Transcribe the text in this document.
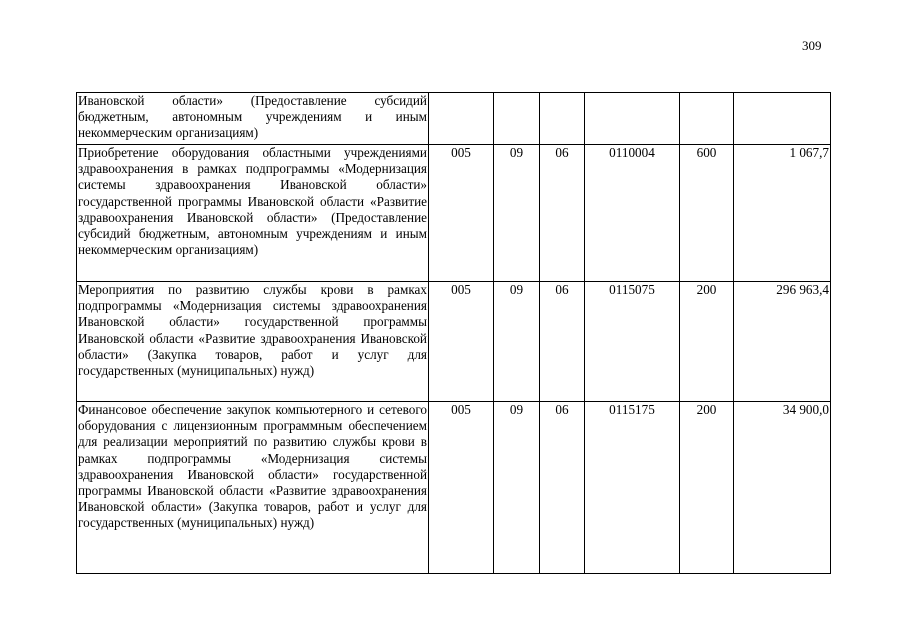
309
Ивановской области» (Предоставление субсидий бюджетным, автономным учреждениям и иным некоммерческим организациям)						
Приобретение оборудования областными учреждениями здравоохранения в рамках подпрограммы «Модернизация системы здравоохранения Ивановской области» государственной программы Ивановской области «Развитие здравоохранения Ивановской области» (Предоставление субсидий бюджетным, автономным учреждениям и иным некоммерческим организациям)	005	09	06	0110004	600	1 067,7
Мероприятия по развитию службы крови в рамках подпрограммы «Модернизация системы здравоохранения Ивановской области» государственной программы Ивановской области «Развитие здравоохранения Ивановской области» (Закупка товаров, работ и услуг для государственных (муниципальных) нужд)	005	09	06	0115075	200	296 963,4
Финансовое обеспечение закупок компьютерного и сетевого оборудования с лицензионным программным обеспечением для реализации мероприятий по развитию службы крови в рамках подпрограммы «Модернизация системы здравоохранения Ивановской области» государственной программы Ивановской области «Развитие здравоохранения Ивановской области» (Закупка товаров, работ и услуг для государственных (муниципальных) нужд)	005	09	06	0115175	200	34 900,0
